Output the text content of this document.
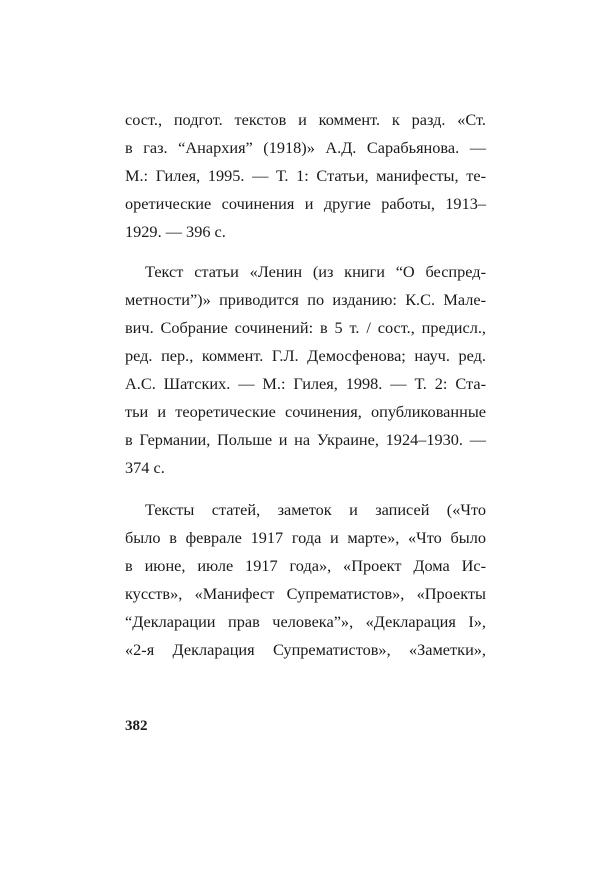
сост., подгот. текстов и коммент. к разд. «Ст.
в газ. “Анархия” (1918)» А.Д. Сарабьянова. —
М.: Гилея, 1995. — Т. 1: Статьи, манифесты, те-
оретические сочинения и другие работы, 1913–
1929. — 396 с.
Текст статьи «Ленин (из книги “О беспред-
метности”)» приводится по изданию: К.С. Мале-
вич. Собрание сочинений: в 5 т. / сост., предисл.,
ред. пер., коммент. Г.Л. Демосфенова; науч. ред.
А.С. Шатских. — М.: Гилея, 1998. — Т. 2: Ста-
тьи и теоретические сочинения, опубликованные
в Германии, Польше и на Украине, 1924–1930. —
374 с.
Тексты статей, заметок и записей («Что
было в феврале 1917 года и марте», «Что было
в июне, июле 1917 года», «Проект Дома Ис-
кусств», «Манифест Супрематистов», «Проекты
“Декларации прав человека”», «Декларация I»,
«2-я Декларация Супрематистов», «Заметки»,
382
